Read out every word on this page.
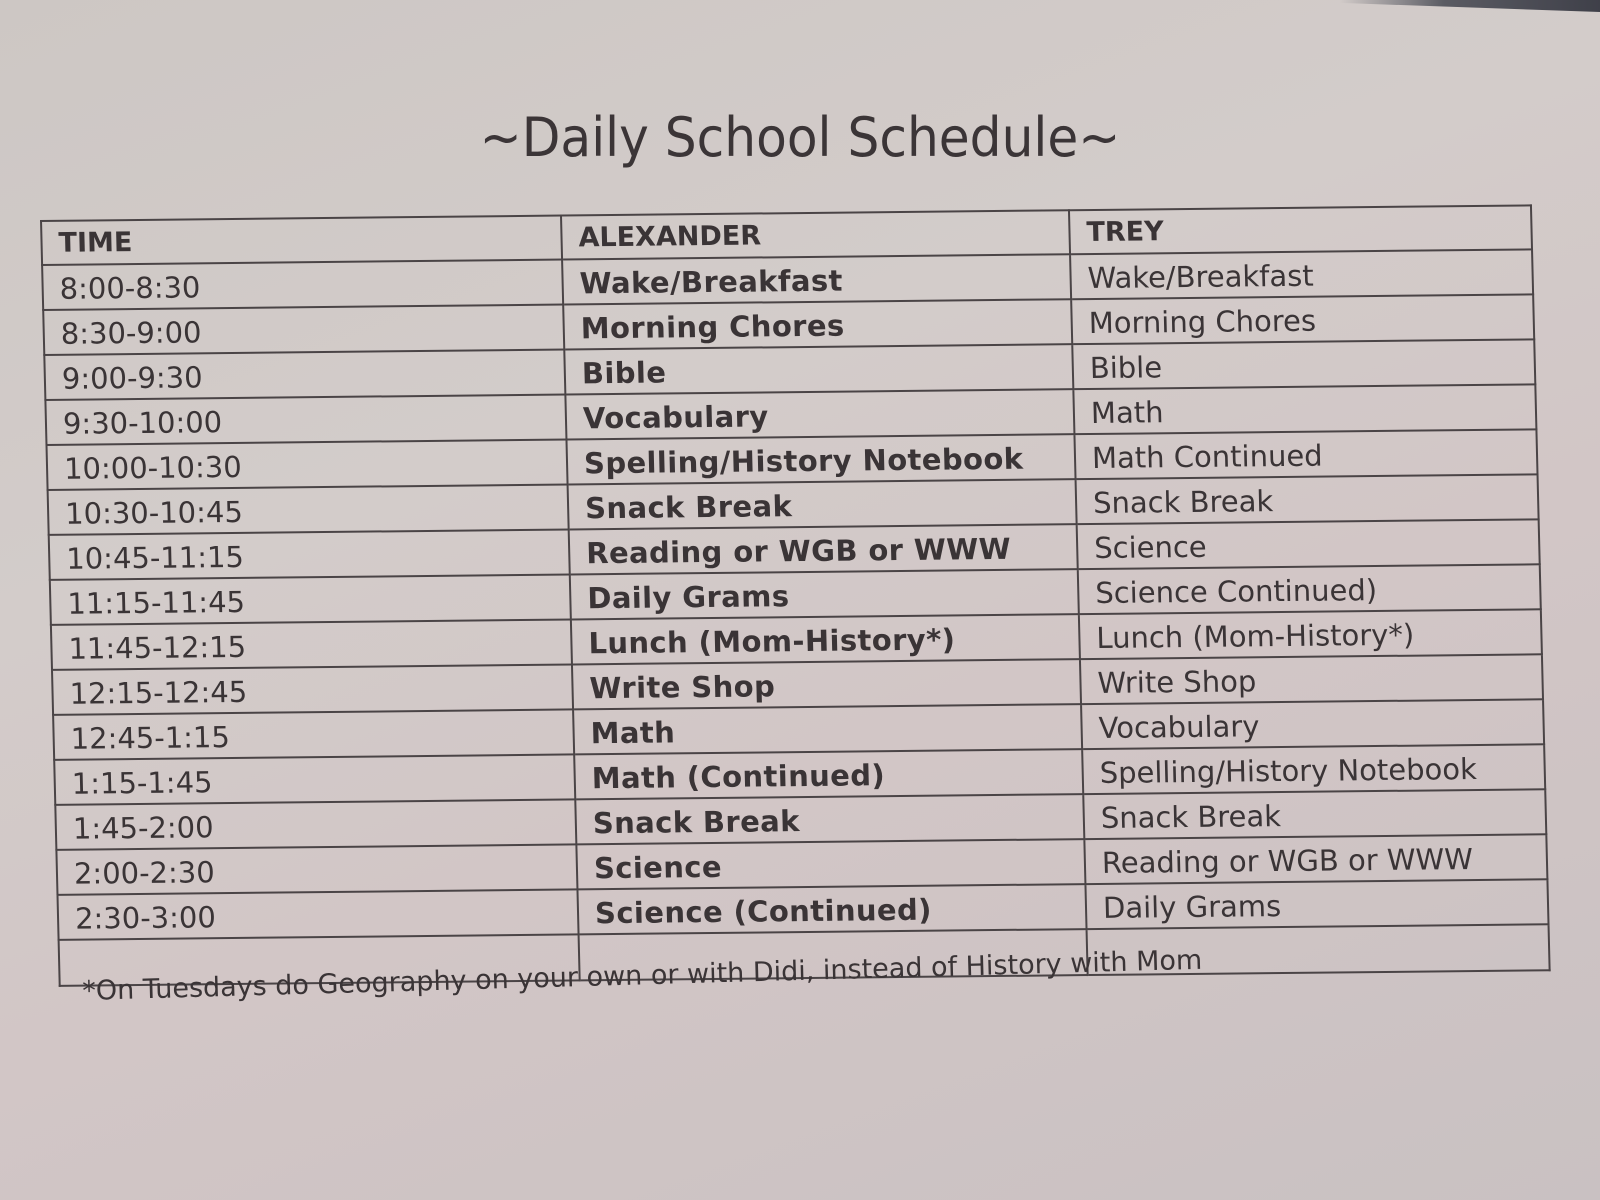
~Daily School Schedule~
TIME	ALEXANDER	TREY
8:00-8:30	Wake/Breakfast	Wake/Breakfast
8:30-9:00	Morning Chores	Morning Chores
9:00-9:30	Bible	Bible
9:30-10:00	Vocabulary	Math
10:00-10:30	Spelling/History Notebook	Math Continued
10:30-10:45	Snack Break	Snack Break
10:45-11:15	Reading or WGB or WWW	Science
11:15-11:45	Daily Grams	Science Continued)
11:45-12:15	Lunch (Mom-History*)	Lunch (Mom-History*)
12:15-12:45	Write Shop	Write Shop
12:45-1:15	Math	Vocabulary
1:15-1:45	Math (Continued)	Spelling/History Notebook
1:45-2:00	Snack Break	Snack Break
2:00-2:30	Science	Reading or WGB or WWW
2:30-3:00	Science (Continued)	Daily Grams

*On Tuesdays do Geography on your own or with Didi, instead of History with Mom
